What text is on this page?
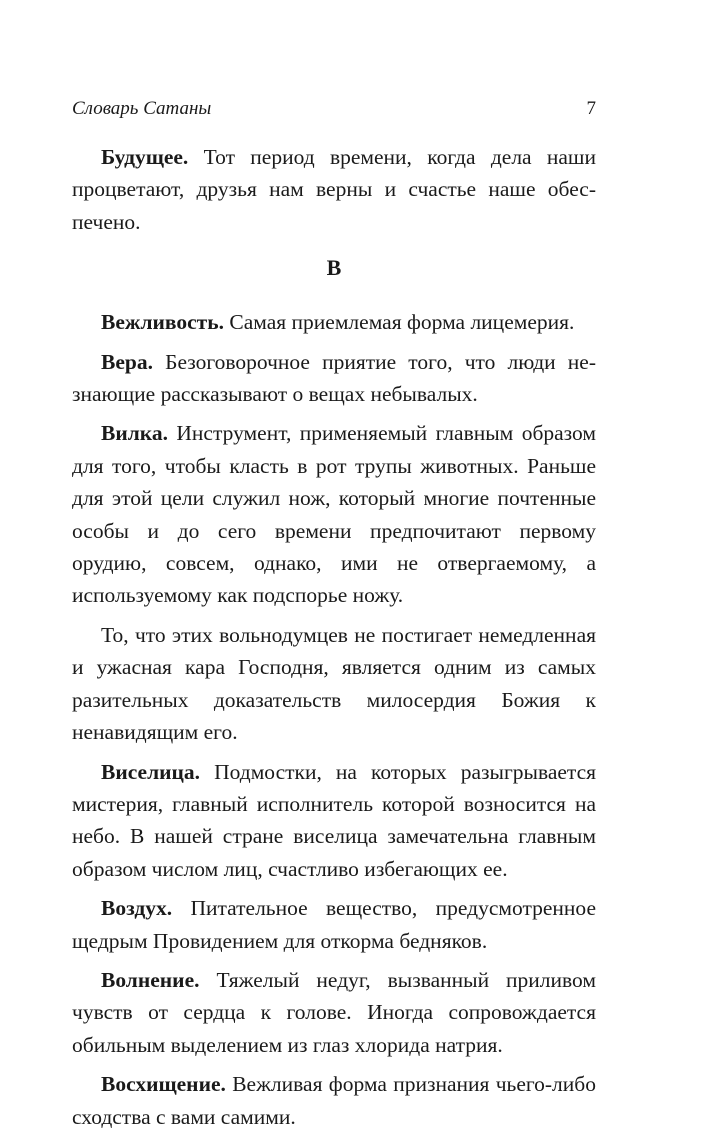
Словарь Сатаны	7

Будущее. Тот период времени, когда дела наши процветают, друзья нам верны и счастье наше обеспечено.

В

Вежливость. Самая приемлемая форма лицемерия.

Вера. Безоговорочное приятие того, что люди незнающие рассказывают о вещах небывалых.

Вилка. Инструмент, применяемый главным образом для того, чтобы класть в рот трупы животных. Раньше для этой цели служил нож, который многие почтенные особы и до сего времени предпочитают первому орудию, совсем, однако, ими не отвергаемому, а используемому как подспорье ножу.

То, что этих вольнодумцев не постигает немедленная и ужасная кара Господня, является одним из самых разительных доказательств милосердия Божия к ненавидящим его.

Виселица. Подмостки, на которых разыгрывается мистерия, главный исполнитель которой возносится на небо. В нашей стране виселица замечательна главным образом числом лиц, счастливо избегающих ее.

Воздух. Питательное вещество, предусмотренное щедрым Провидением для откорма бедняков.

Волнение. Тяжелый недуг, вызванный приливом чувств от сердца к голове. Иногда сопровождается обильным выделением из глаз хлорида натрия.

Восхищение. Вежливая форма признания чьего-либо сходства с вами самими.
